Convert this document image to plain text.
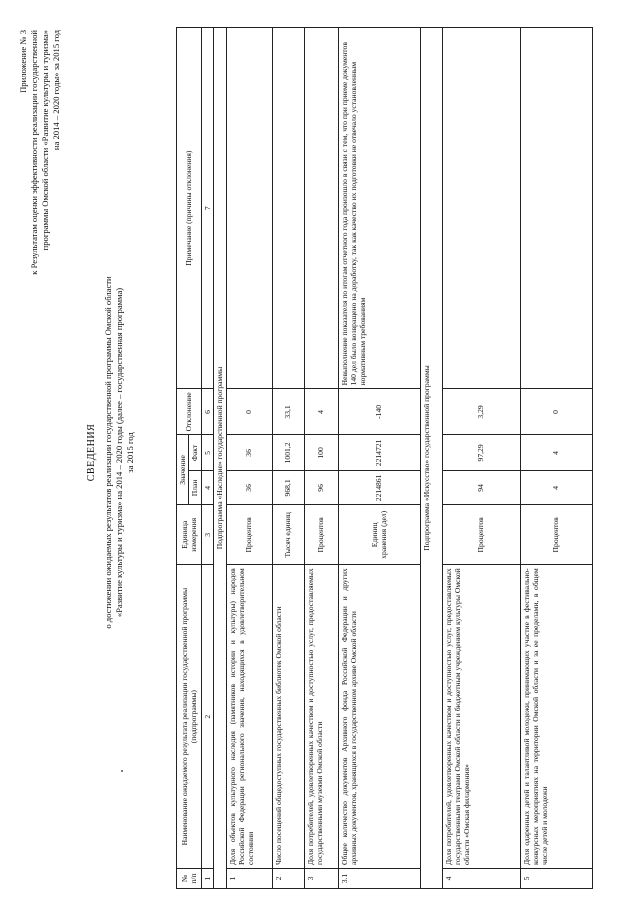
Приложение № 3 к Результатам оценки эффективности реализации государственной программы Омской области «Развитие культуры и туризма» на 2014 – 2020 годы» за 2015 год
СВЕДЕНИЯ о достижении ожидаемых результатов реализации государственной программы Омской области «Развитие культуры и туризма» на 2014 – 2020 годы (далее – государственная программа) за 2015 год
№ п/п	Наименование ожидаемого результата реализации государственной программы (подпрограммы)	Единица измерения	Значение		Отклонение	Примечание (причины отклонения)
			План	Факт		
1	2	3	4	5	6	7
Подпрограмма «Наследие» государственной программы						
1	Доля объектов культурного наследия (памятников истории и культуры) народов Российской Федерации регионального значения, находящихся в удовлетворительном состоянии	Процентов	36	36	0	
2	Число посещений общедоступных государственных библиотек Омской области	Тысяч единиц	968,1	1001,2	33,1	
3	Доля потребителей, удовлетворенных качеством и доступностью услуг, предоставляемых государственными музеями Омской области	Процентов	96	100	4	
3.1	Общее количество документов Архивного фонда Российской Федерации и других архивных документов, хранящихся в государственном архиве Омской области	Единиц хранения (дел)	2214861	2214721	-140	Невыполнение показателя по итогам отчетного года произошло в связи с тем, что при приеме документов 140 дел было возвращено на доработку, так как качество их подготовки не отвечало установленным нормативным требованиям
Подпрограмма «Искусство» государственной программы						
4	Доля потребителей, удовлетворенных качеством и доступностью услуг, предоставляемых государственными театрами Омской области и бюджетным учреждением культуры Омской области «Омская филармония»	Процентов	94	97,29	3,29	
5	Доля одаренных детей и талантливой молодежи, принимающих участие в фестивально-конкурсных мероприятиях на территории Омской области и за ее пределами, в общем числе детей и молодежи	Процентов	4	4	0	
